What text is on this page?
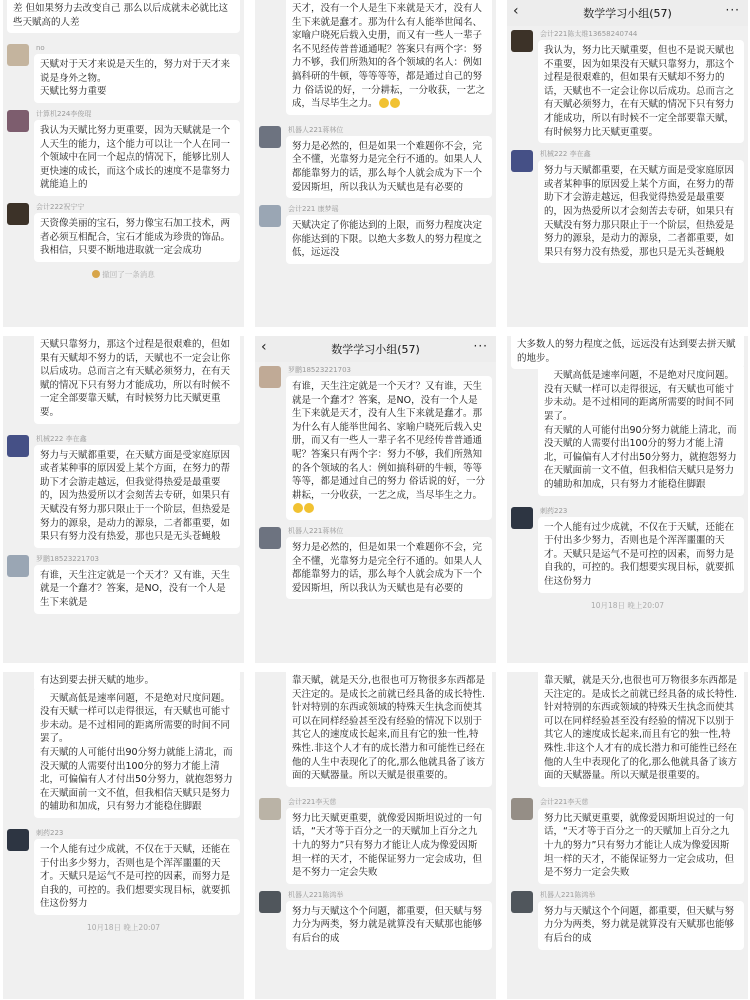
差 但如果努力去改变自己 那么以后成就未必就比这些天赋高的人差
no
天赋对于天才来说是天生的，努力对于天才来说是身外之物。
天赋比努力重要
计算机224李俊琨
我认为天赋比努力更重要，因为天赋就是一个人天生的能力，这个能力可以让一个人在同一个领域中在同一个起点的情况下，能够比别人更快速的成长，而这个成长的速度不是靠努力就能追上的
会计222祝宁宁
天资像美丽的宝石，努力像宝石加工技术，两者必须互相配合，宝石才能成为珍贵的饰品。我相信，只要不断地进取就一定会成功
撤回了一条消息
天才，没有一个人是生下来就是天才，没有人生下来就是蠢才。那为什么有人能举世闻名、家喻户晓死后载入史册，而又有一些人一辈子名不见经传普普通通呢？答案只有两个字：努力不够，我们所熟知的各个领域的名人：例如搞科研的牛顿，等等等等，都是通过自己的努力 俗话说的好，一分耕耘，一分收获，一艺之成，当尽毕生之力。
机器人221蒋林位
努力是必然的，但是如果一个难题你不会，完全不懂，光靠努力是完全行不通的。如果人人都能靠努力的话，那么每个人就会成为下一个爱因斯坦，所以我认为天赋也是有必要的
会计221 康梦瑶
天赋决定了你能达到的上限，而努力程度决定你能达到的下限。以绝大多数人的努力程度之低，远远没
‹	数学学习小组(57)	···
会计221陈太维13658240744
我认为，努力比天赋重要，但也不是说天赋也不重要，因为如果没有天赋只靠努力，那这个过程是很艰难的，但如果有天赋却不努力的话，天赋也不一定会让你以后成功。总而言之有天赋必须努力，在有天赋的情况下只有努力才能成功，所以有时候不一定全部要靠天赋，有时候努力比天赋更重要。
机械222 李在鑫
努力与天赋都重要，在天赋方面是受家庭原因或者某种事的原因爱上某个方面，在努力的帮助下才会游走越远，但我觉得热爱是最重要的，因为热爱所以才会刻苦去专研，如果只有天赋没有努力那只限止于一个阶层，但热爱是努力的源泉，是动力的源泉，二者都重要，如果只有努力没有热爱，那也只是无头苍蝇般
天赋只靠努力，那这个过程是很艰难的，但如果有天赋却不努力的话，天赋也不一定会让你以后成功。总而言之有天赋必须努力，在有天赋的情况下只有努力才能成功，所以有时候不一定全部要靠天赋，有时候努力比天赋更重要。
机械222 李在鑫
努力与天赋都重要，在天赋方面是受家庭原因或者某种事的原因爱上某个方面，在努力的帮助下才会游走越远，但我觉得热爱是最重要的，因为热爱所以才会刻苦去专研，如果只有天赋没有努力那只限止于一个阶层，但热爱是努力的源泉，是动力的源泉，二者都重要，如果只有努力没有热爱，那也只是无头苍蝇般
罗鹏18523221703
有谁，天生注定就是一个天才？又有谁，天生就是一个蠢才？答案，是NO，没有一个人是生下来就是
‹	数学学习小组(57)	···
罗鹏18523221703
有谁，天生注定就是一个天才？又有谁，天生就是一个蠢才？答案，是NO，没有一个人是生下来就是天才，没有人生下来就是蠢才。那为什么有人能举世闻名、家喻户晓死后载入史册，而又有一些人一辈子名不见经传普普通通呢？答案只有两个字：努力不够，我们所熟知的各个领域的名人：例如搞科研的牛顿，等等等等，都是通过自己的努力 俗话说的好，一分耕耘，一分收获，一艺之成，当尽毕生之力。
机器人221蒋林位
努力是必然的，但是如果一个难题你不会，完全不懂，光靠努力是完全行不通的。如果人人都能靠努力的话，那么每个人就会成为下一个爱因斯坦，所以我认为天赋也是有必要的
大多数人的努力程度之低，远远没有达到要去拼天赋的地步。
天赋高低是速率问题，不是绝对尺度问题。没有天赋一样可以走得很远，有天赋也可能寸步未动。是不过相同的距离所需要的时间不同罢了。
有天赋的人可能付出90分努力就能上清北，而没天赋的人需要付出100分的努力才能上清北，可偏偏有人才付出50分努力，就抱怨努力在天赋面前一文不值，但我相信天赋只是努力的辅助和加成，只有努力才能稳住脚跟
刺药223
一个人能有过少成就，不仅在于天赋，还能在于付出多少努力，否则也是个浑浑噩噩的天才。天赋只是运气不是可控的因素，而努力是自我的，可控的。我们想要实现目标，就要抓住这份努力
10月18日 晚上20:07
有达到要去拼天赋的地步。
天赋高低是速率问题，不是绝对尺度问题。没有天赋一样可以走得很远，有天赋也可能寸步未动。是不过相同的距离所需要的时间不同罢了。
有天赋的人可能付出90分努力就能上清北，而没天赋的人需要付出100分的努力才能上清北，可偏偏有人才付出50分努力，就抱怨努力在天赋面前一文不值，但我相信天赋只是努力的辅助和加成，只有努力才能稳住脚跟
刺药223
一个人能有过少成就，不仅在于天赋，还能在于付出多少努力，否则也是个浑浑噩噩的天才。天赋只是运气不是可控的因素，而努力是自我的，可控的。我们想要实现目标，就要抓住这份努力
10月18日 晚上20:07
靠天赋，就是天分,也很也可万物很多东西都是天注定的。是成长之前就已经具备的成长特性.针对特别的东西或领域的特殊天生执念而使其可以在同样经验甚至没有经验的情况下以别于其它人的速度成长起来,而且有它的独一性,特殊性.非这个人才有的成长潜力和可能性已经在他的人生中表现化了的化,那么他就具备了该方面的天赋器量。所以天赋是很重要的。
会计221李天慈
努力比天赋更重要，就像爱因斯坦说过的一句话，“天才等于百分之一的天赋加上百分之九十九的努力”只有努力才能让人成为像爱因斯坦一样的天才，不能保证努力一定会成功，但是不努力一定会失败
机器人221陈鸿举
努力与天赋这个个问题，都重要，但天赋与努力分为两类，努力就是就算没有天赋那也能够有后台的成
靠天赋，就是天分,也很也可万物很多东西都是天注定的。是成长之前就已经具备的成长特性.针对特别的东西或领域的特殊天生执念而使其可以在同样经验甚至没有经验的情况下以别于其它人的速度成长起来,而且有它的独一性,特殊性.非这个人才有的成长潜力和可能性已经在他的人生中表现化了的化,那么他就具备了该方面的天赋器量。所以天赋是很重要的。
会计221李天慈
努力比天赋更重要，就像爱因斯坦说过的一句话，“天才等于百分之一的天赋加上百分之九十九的努力”只有努力才能让人成为像爱因斯坦一样的天才，不能保证努力一定会成功，但是不努力一定会失败
机器人221陈鸿举
努力与天赋这个个问题，都重要，但天赋与努力分为两类，努力就是就算没有天赋那也能够有后台的成
